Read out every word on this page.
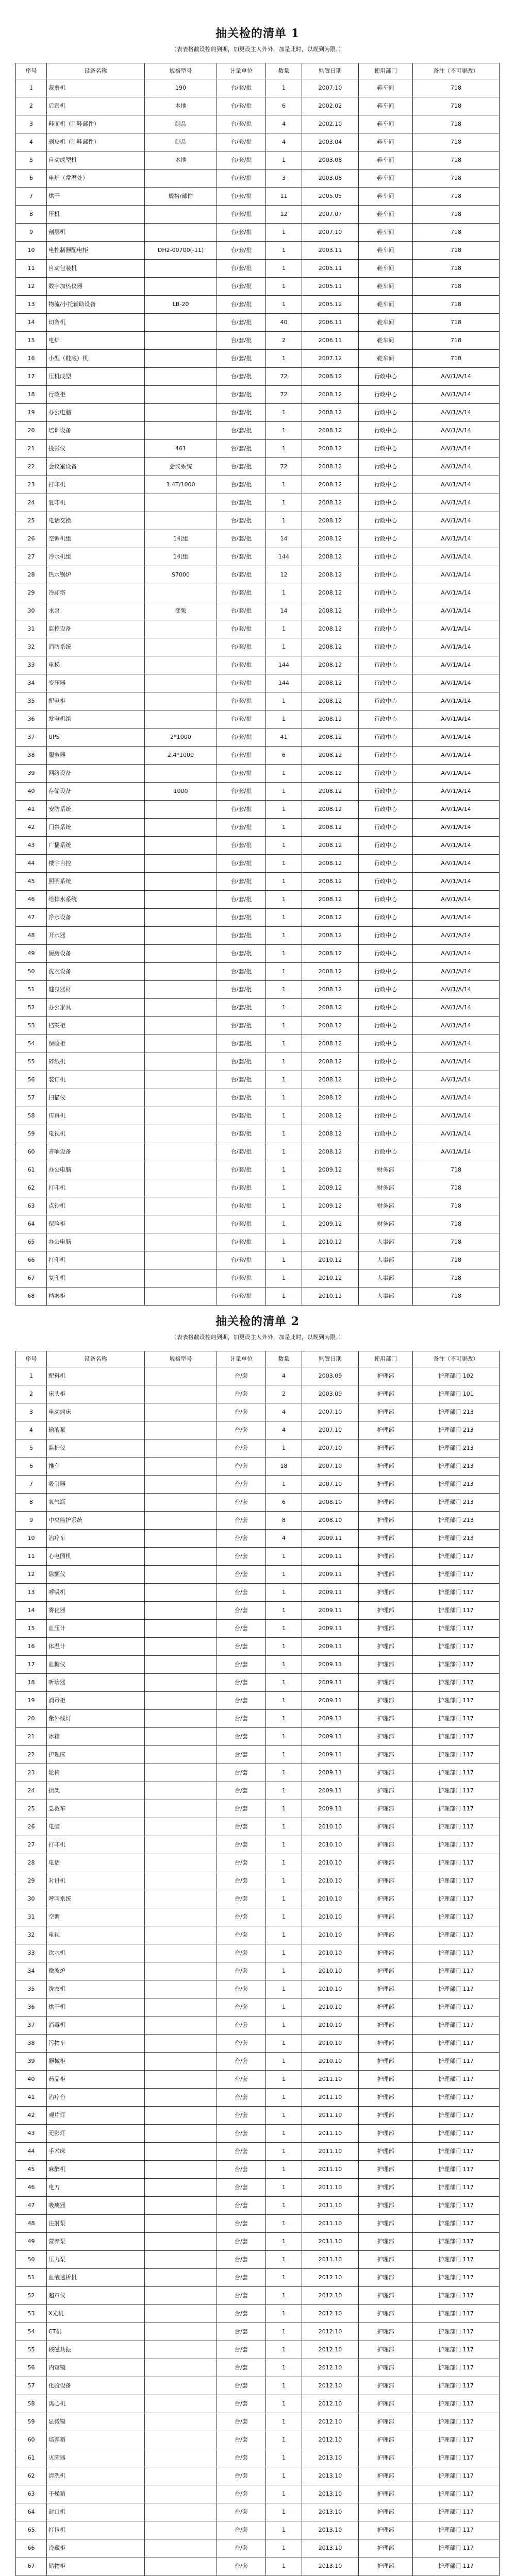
抽关检的清单 1
（表表格截设控的到期，加更设主人外外，加是此时，以规到为限。）
序号	设备名称	规格型号	计量单位	数量	购置日期	使用部门	备注（不可更改）
1	裁剪机	190	台/套/批	1	2007.10	鞋车间	718
2	后跟机	本地	台/套/批	6	2002.02	鞋车间	718
3	鞋面机（制鞋部件）	制品	台/套/批	4	2002.10	鞋车间	718
4	剥皮机（制鞋部件）	制品	台/套/批	4	2003.04	鞋车间	718
5	自动成型机	本地	台/套/批	1	2003.08	鞋车间	718
6	电炉（常温处）		台/套/批	3	2003.08	鞋车间	718
7	烘干	规格/部件	台/套/批	11	2005.05	鞋车间	718
8	压机		台/套/批	12	2007.07	鞋车间	718
9	剖层机		台/套/批	1	2007.10	鞋车间	718
10	电控制器配电柜	DH2-00700(-11)	台/套/批	1	2003.11	鞋车间	718
11	自动包装机		台/套/批	1	2005.11	鞋车间	718
12	数字加热仪器		台/套/批	1	2005.11	鞋车间	718
13	物流/小托辅助设备	LB-20	台/套/批	1	2005.12	鞋车间	718
14	切条机		台/套/批	40	2006.11	鞋车间	718
15	电炉		台/套/批	2	2006.11	鞋车间	718
16	小型（鞋底）机		台/套/批	1	2007.12	鞋车间	718
17	压机成型		台/套/批	72	2008.12	行政中心	A/V/1/A/14
18	行政柜		台/套/批	72	2008.12	行政中心	A/V/1/A/14
19	办公电脑		台/套/批	1	2008.12	行政中心	A/V/1/A/14
20	培训设备		台/套/批	1	2008.12	行政中心	A/V/1/A/14
21	投影仪	461	台/套/批	1	2008.12	行政中心	A/V/1/A/14
22	会议室设备	会议系统	台/套/批	72	2008.12	行政中心	A/V/1/A/14
23	打印机	1.4T/1000	台/套/批	1	2008.12	行政中心	A/V/1/A/14
24	复印机		台/套/批	1	2008.12	行政中心	A/V/1/A/14
25	电话交换		台/套/批	1	2008.12	行政中心	A/V/1/A/14
26	空调机组	1机组	台/套/批	14	2008.12	行政中心	A/V/1/A/14
27	冷水机组	1机组	台/套/批	144	2008.12	行政中心	A/V/1/A/14
28	热水锅炉	S7000	台/套/批	12	2008.12	行政中心	A/V/1/A/14
29	冷却塔		台/套/批	1	2008.12	行政中心	A/V/1/A/14
30	水泵	变频	台/套/批	14	2008.12	行政中心	A/V/1/A/14
31	监控设备		台/套/批	1	2008.12	行政中心	A/V/1/A/14
32	消防系统		台/套/批	1	2008.12	行政中心	A/V/1/A/14
33	电梯		台/套/批	144	2008.12	行政中心	A/V/1/A/14
34	变压器		台/套/批	144	2008.12	行政中心	A/V/1/A/14
35	配电柜		台/套/批	1	2008.12	行政中心	A/V/1/A/14
36	发电机组		台/套/批	1	2008.12	行政中心	A/V/1/A/14
37	UPS	2*1000	台/套/批	41	2008.12	行政中心	A/V/1/A/14
38	服务器	2.4*1000	台/套/批	6	2008.12	行政中心	A/V/1/A/14
39	网络设备		台/套/批	1	2008.12	行政中心	A/V/1/A/14
40	存储设备	1000	台/套/批	1	2008.12	行政中心	A/V/1/A/14
41	安防系统		台/套/批	1	2008.12	行政中心	A/V/1/A/14
42	门禁系统		台/套/批	1	2008.12	行政中心	A/V/1/A/14
43	广播系统		台/套/批	1	2008.12	行政中心	A/V/1/A/14
44	楼宇自控		台/套/批	1	2008.12	行政中心	A/V/1/A/14
45	照明系统		台/套/批	1	2008.12	行政中心	A/V/1/A/14
46	给排水系统		台/套/批	1	2008.12	行政中心	A/V/1/A/14
47	净水设备		台/套/批	1	2008.12	行政中心	A/V/1/A/14
48	开水器		台/套/批	1	2008.12	行政中心	A/V/1/A/14
49	厨房设备		台/套/批	1	2008.12	行政中心	A/V/1/A/14
50	洗衣设备		台/套/批	1	2008.12	行政中心	A/V/1/A/14
51	健身器材		台/套/批	1	2008.12	行政中心	A/V/1/A/14
52	办公家具		台/套/批	1	2008.12	行政中心	A/V/1/A/14
53	档案柜		台/套/批	1	2008.12	行政中心	A/V/1/A/14
54	保险柜		台/套/批	1	2008.12	行政中心	A/V/1/A/14
55	碎纸机		台/套/批	1	2008.12	行政中心	A/V/1/A/14
56	装订机		台/套/批	1	2008.12	行政中心	A/V/1/A/14
57	扫描仪		台/套/批	1	2008.12	行政中心	A/V/1/A/14
58	传真机		台/套/批	1	2008.12	行政中心	A/V/1/A/14
59	电视机		台/套/批	1	2008.12	行政中心	A/V/1/A/14
60	音响设备		台/套/批	1	2008.12	行政中心	A/V/1/A/14
61	办公电脑		台/套/批	1	2009.12	财务部	718
62	打印机		台/套/批	1	2009.12	财务部	718
63	点钞机		台/套/批	1	2009.12	财务部	718
64	保险柜		台/套/批	1	2009.12	财务部	718
65	办公电脑		台/套/批	1	2010.12	人事部	718
66	打印机		台/套/批	1	2010.12	人事部	718
67	复印机		台/套/批	1	2010.12	人事部	718
68	档案柜		台/套/批	1	2010.12	人事部	718
抽关检的清单 2
（表表格截设控的到期，加更设主人外外，加是此时，以规到为限。）
序号	设备名称	规格型号	计量单位	数量	购置日期	使用部门	备注（不可更改）
1	配料机		台/套	4	2003.09	护理部	护理部门 102
2	床头柜		台/套	2	2003.09	护理部	护理部门 101
3	电动病床		台/套	4	2007.10	护理部	护理部门 213
4	输液泵		台/套	4	2007.10	护理部	护理部门 213
5	监护仪		台/套	1	2007.10	护理部	护理部门 213
6	推车		台/套	18	2007.10	护理部	护理部门 213
7	吸引器		台/套	1	2007.10	护理部	护理部门 213
8	氧气瓶		台/套	6	2008.10	护理部	护理部门 213
9	中央监护系统		台/套	8	2008.10	护理部	护理部门 213
10	治疗车		台/套	4	2009.11	护理部	护理部门 213
11	心电图机		台/套	1	2009.11	护理部	护理部门 117
12	除颤仪		台/套	1	2009.11	护理部	护理部门 117
13	呼吸机		台/套	1	2009.11	护理部	护理部门 117
14	雾化器		台/套	1	2009.11	护理部	护理部门 117
15	血压计		台/套	1	2009.11	护理部	护理部门 117
16	体温计		台/套	1	2009.11	护理部	护理部门 117
17	血糖仪		台/套	1	2009.11	护理部	护理部门 117
18	听诊器		台/套	1	2009.11	护理部	护理部门 117
19	消毒柜		台/套	1	2009.11	护理部	护理部门 117
20	紫外线灯		台/套	1	2009.11	护理部	护理部门 117
21	冰箱		台/套	1	2009.11	护理部	护理部门 117
22	护理床		台/套	1	2009.11	护理部	护理部门 117
23	轮椅		台/套	1	2009.11	护理部	护理部门 117
24	担架		台/套	1	2009.11	护理部	护理部门 117
25	急救车		台/套	1	2009.11	护理部	护理部门 117
26	电脑		台/套	1	2010.10	护理部	护理部门 117
27	打印机		台/套	1	2010.10	护理部	护理部门 117
28	电话		台/套	1	2010.10	护理部	护理部门 117
29	对讲机		台/套	1	2010.10	护理部	护理部门 117
30	呼叫系统		台/套	1	2010.10	护理部	护理部门 117
31	空调		台/套	1	2010.10	护理部	护理部门 117
32	电视		台/套	1	2010.10	护理部	护理部门 117
33	饮水机		台/套	1	2010.10	护理部	护理部门 117
34	微波炉		台/套	1	2010.10	护理部	护理部门 117
35	洗衣机		台/套	1	2010.10	护理部	护理部门 117
36	烘干机		台/套	1	2010.10	护理部	护理部门 117
37	消毒机		台/套	1	2010.10	护理部	护理部门 117
38	污物车		台/套	1	2010.10	护理部	护理部门 117
39	器械柜		台/套	1	2010.10	护理部	护理部门 117
40	药品柜		台/套	1	2011.10	护理部	护理部门 117
41	治疗台		台/套	1	2011.10	护理部	护理部门 117
42	观片灯		台/套	1	2011.10	护理部	护理部门 117
43	无影灯		台/套	1	2011.10	护理部	护理部门 117
44	手术床		台/套	1	2011.10	护理部	护理部门 117
45	麻醉机		台/套	1	2011.10	护理部	护理部门 117
46	电刀		台/套	1	2011.10	护理部	护理部门 117
47	吸痰器		台/套	1	2011.10	护理部	护理部门 117
48	注射泵		台/套	1	2011.10	护理部	护理部门 117
49	营养泵		台/套	1	2011.10	护理部	护理部门 117
50	压力泵		台/套	1	2011.10	护理部	护理部门 117
51	血液透析机		台/套	1	2012.10	护理部	护理部门 117
52	超声仪		台/套	1	2012.10	护理部	护理部门 117
53	X光机		台/套	1	2012.10	护理部	护理部门 117
54	CT机		台/套	1	2012.10	护理部	护理部门 117
55	核磁共振		台/套	1	2012.10	护理部	护理部门 117
56	内窥镜		台/套	1	2012.10	护理部	护理部门 117
57	化验设备		台/套	1	2012.10	护理部	护理部门 117
58	离心机		台/套	1	2012.10	护理部	护理部门 117
59	显微镜		台/套	1	2012.10	护理部	护理部门 117
60	培养箱		台/套	1	2012.10	护理部	护理部门 117
61	灭菌器		台/套	1	2013.10	护理部	护理部门 117
62	清洗机		台/套	1	2013.10	护理部	护理部门 117
63	干燥箱		台/套	1	2013.10	护理部	护理部门 117
64	封口机		台/套	1	2013.10	护理部	护理部门 117
65	打包机		台/套	1	2013.10	护理部	护理部门 117
66	冷藏柜		台/套	1	2013.10	护理部	护理部门 117
67	储物柜		台/套	1	2013.10	护理部	护理部门 117
